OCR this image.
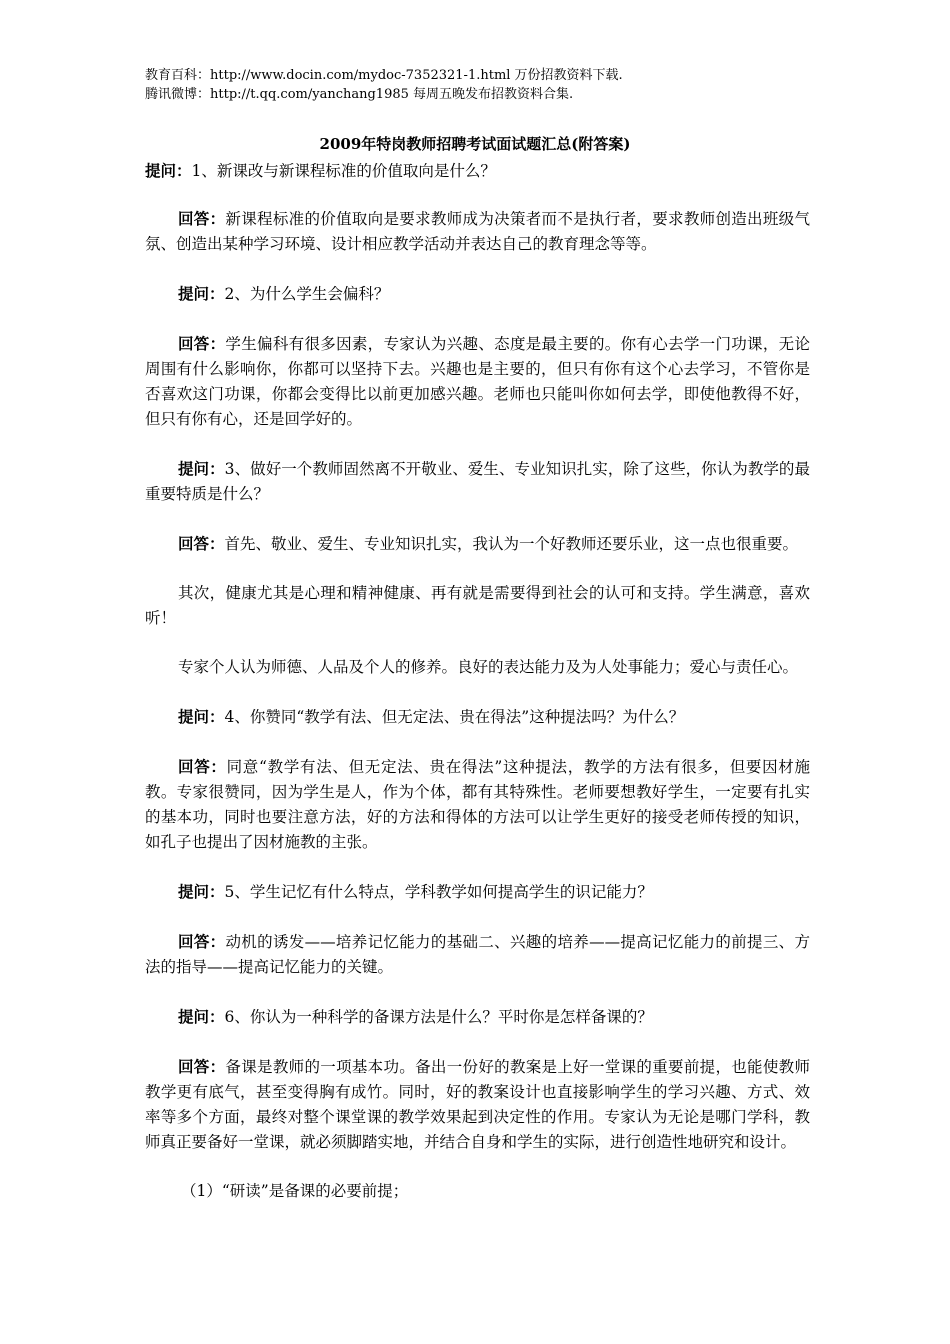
教育百科：http://www.docin.com/mydoc-7352321-1.html 万份招教资料下载.
腾讯微博：http://t.qq.com/yanchang1985 每周五晚发布招教资料合集.
2009年特岗教师招聘考试面试题汇总(附答案)

提问：1、新课改与新课程标准的价值取向是什么？

回答：新课程标准的价值取向是要求教师成为决策者而不是执行者，要求教师创造出班级气氛、创造出某种学习环境、设计相应教学活动并表达自己的教育理念等等。

提问：2、为什么学生会偏科？

回答：学生偏科有很多因素，专家认为兴趣、态度是最主要的。你有心去学一门功课，无论周围有什么影响你，你都可以坚持下去。兴趣也是主要的，但只有你有这个心去学习，不管你是否喜欢这门功课，你都会变得比以前更加感兴趣。老师也只能叫你如何去学，即使他教得不好，但只有你有心，还是回学好的。

提问：3、做好一个教师固然离不开敬业、爱生、专业知识扎实，除了这些，你认为教学的最重要特质是什么？

回答：首先、敬业、爱生、专业知识扎实，我认为一个好教师还要乐业，这一点也很重要。

其次，健康尤其是心理和精神健康、再有就是需要得到社会的认可和支持。学生满意，喜欢听！

专家个人认为师德、人品及个人的修养。良好的表达能力及为人处事能力；爱心与责任心。

提问：4、你赞同“教学有法、但无定法、贵在得法”这种提法吗？为什么？

回答：同意“教学有法、但无定法、贵在得法”这种提法，教学的方法有很多，但要因材施教。专家很赞同，因为学生是人，作为个体，都有其特殊性。老师要想教好学生，一定要有扎实的基本功，同时也要注意方法，好的方法和得体的方法可以让学生更好的接受老师传授的知识，如孔子也提出了因材施教的主张。

提问：5、学生记忆有什么特点，学科教学如何提高学生的识记能力？

回答：动机的诱发——培养记忆能力的基础二、兴趣的培养——提高记忆能力的前提三、方法的指导——提高记忆能力的关键。

提问：6、你认为一种科学的备课方法是什么？平时你是怎样备课的？

回答：备课是教师的一项基本功。备出一份好的教案是上好一堂课的重要前提，也能使教师教学更有底气，甚至变得胸有成竹。同时，好的教案设计也直接影响学生的学习兴趣、方式、效率等多个方面，最终对整个课堂课的教学效果起到决定性的作用。专家认为无论是哪门学科，教师真正要备好一堂课，就必须脚踏实地，并结合自身和学生的实际，进行创造性地研究和设计。

（1）“研读”是备课的必要前提；
